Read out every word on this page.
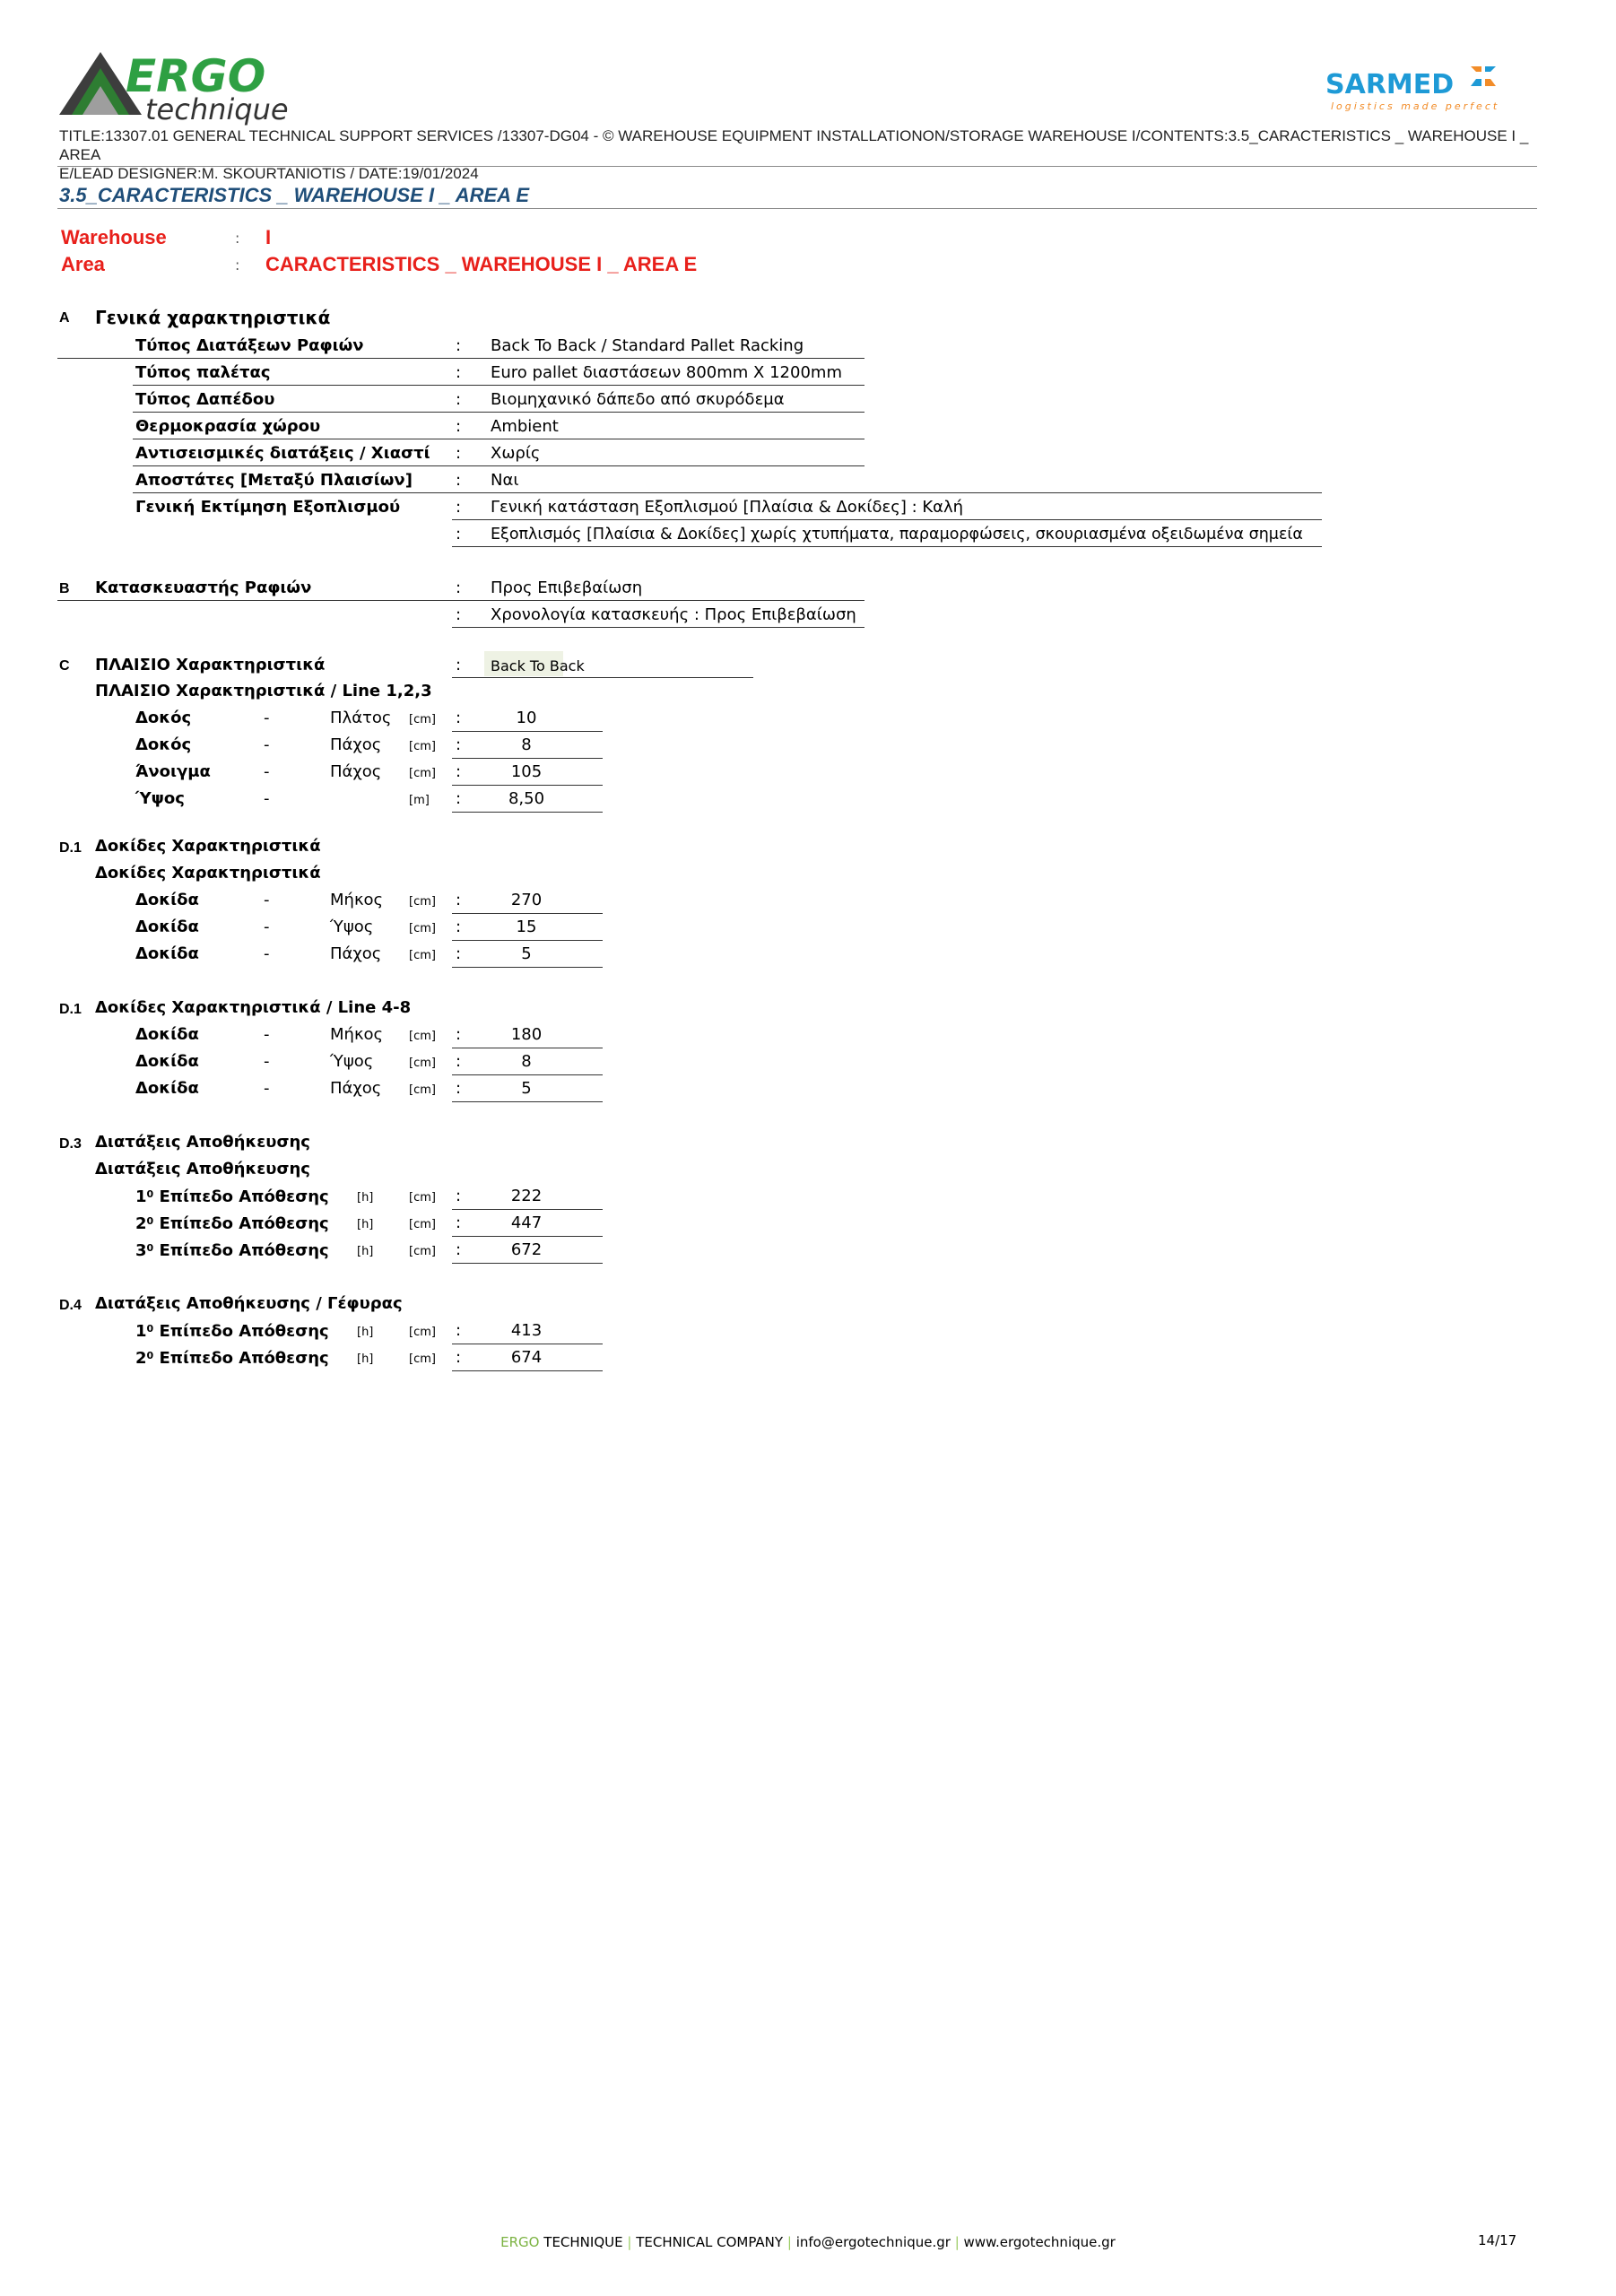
ERGO
technique
SARMED
logistics made perfect
TITLE:13307.01 GENERAL TECHNICAL SUPPORT SERVICES /13307-DG04 - © WAREHOUSE EQUIPMENT INSTALLATIONON/STORAGE WAREHOUSE I/CONTENTS:3.5_CARACTERISTICS _ WAREHOUSE I _ AREA
E/LEAD DESIGNER:M. SKOURTANIOTIS / DATE:19/01/2024
3.5_CARACTERISTICS _ WAREHOUSE I _ AREA E
Warehouse	: I
Area	: CARACTERISTICS _ WAREHOUSE I _ AREA E
A Γενικά χαρακτηριστικά
Τύπος Διατάξεων Ραφιών	: Back To Back / Standard Pallet Racking
Τύπος παλέτας	: Euro pallet διαστάσεων 800mm X 1200mm
Τύπος Δαπέδου	: Βιομηχανικό δάπεδο από σκυρόδεμα
Θερμοκρασία χώρου	: Ambient
Αντισεισμικές διατάξεις / Χιαστί : Χωρίς
Αποστάτες [Μεταξύ Πλαισίων]	: Ναι
Γενική Εκτίμηση Εξοπλισμού	: Γενική κατάσταση Εξοπλισμού [Πλαίσια & Δοκίδες] : Καλή
: Εξοπλισμός [Πλαίσια & Δοκίδες] χωρίς χτυπήματα, παραμορφώσεις, σκουριασμένα οξειδωμένα σημεία
B Κατασκευαστής Ραφιών	: Προς Επιβεβαίωση
: Χρονολογία κατασκευής : Προς Επιβεβαίωση
C ΠΛΑΙΣΙΟ Χαρακτηριστικά	: Back To Back
ΠΛΑΙΣΙΟ Χαρακτηριστικά / Line 1,2,3
Δοκός	-	Πλάτος [cm] :	10
Δοκός	-	Πάχος [cm] :	8
Άνοιγμα	-	Πάχος [cm] :	105
Ύψος	-	[m] :	8,50
D.1 Δοκίδες Χαρακτηριστικά
Δοκίδες Χαρακτηριστικά
Δοκίδα	-	Μήκος [cm] :	270
Δοκίδα	-	Ύψος	[cm] :	15
Δοκίδα	-	Πάχος [cm] :	5
D.1 Δοκίδες Χαρακτηριστικά / Line 4-8
Δοκίδα	-	Μήκος [cm] :	180
Δοκίδα	-	Ύψος	[cm] :	8
Δοκίδα	-	Πάχος [cm] :	5
D.3 Διατάξεις Αποθήκευσης
Διατάξεις Αποθήκευσης
$1^0$ Επίπεδο Απόθεσης [h]	[cm] :	222
$2^0$ Επίπεδο Απόθεσης [h]	[cm] :	447
$3^0$ Επίπεδο Απόθεσης [h]	[cm] :	672
D.4 Διατάξεις Αποθήκευσης / Γέφυρας
$1^0$ Επίπεδο Απόθεσης [h]	[cm] :	413
$2^0$ Επίπεδο Απόθεσης [h]	[cm] :	674
ERGO TECHNIQUE | TECHNICAL COMPANY | info@ergotechnique.gr | www.ergotechnique.gr	14/17
